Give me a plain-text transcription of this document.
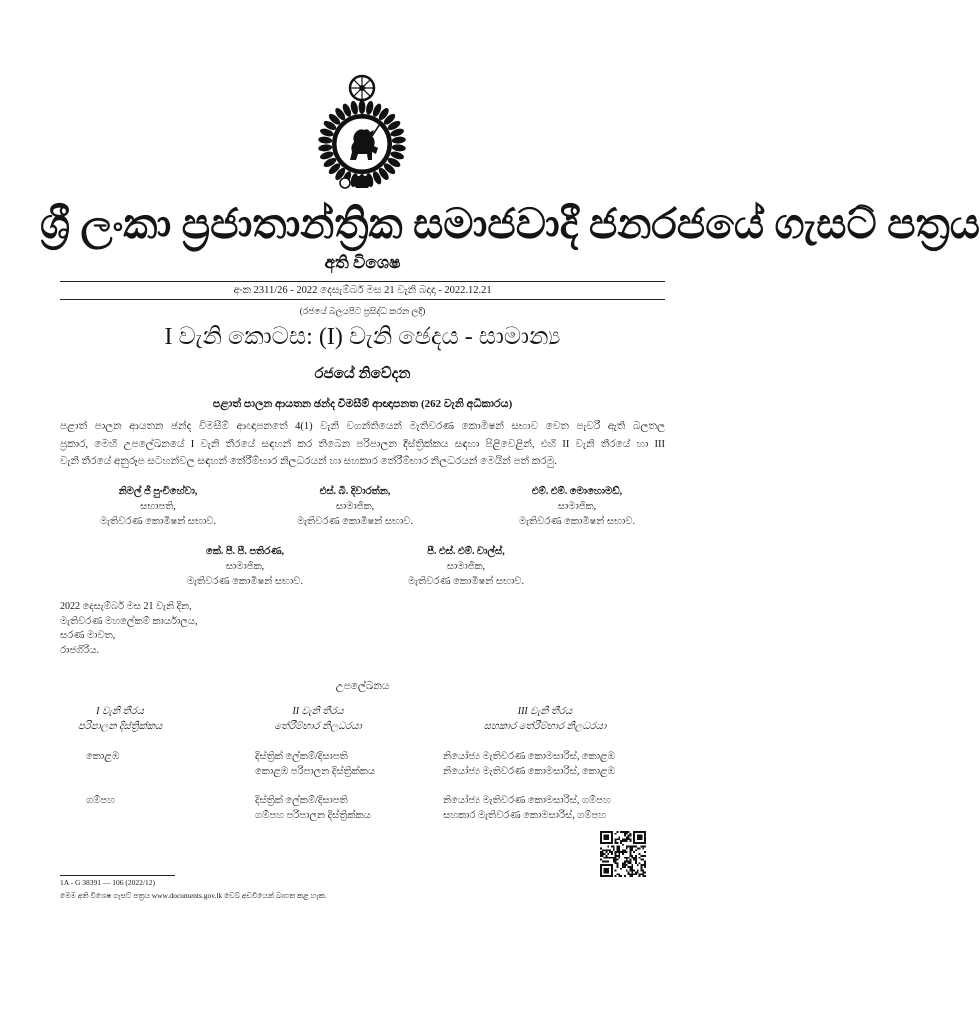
ශ්‍රී ලංකා ප්‍රජාතාන්ත්‍රික සමාජවාදී ජනරජයේ ගැසට් පත්‍රය
අති විශෙෂ
අංක 2311/26 - 2022 දෙසැම්බර් මස 21 වැනි බදාදා - 2022.12.21
(රජයේ බලයපිට ප්‍රසිද්ධ කරන ලදී)
I වැනි කොටස: (I) වැනි ඡෙදය - සාමාන්‍ය
රජයේ නිවේදන
පළාත් පාලන ආයතන ඡන්ද විමසීම් ආඥාපනත (262 වැනි අධිකාරය)
පළාත් පාලන ආයතන ඡන්ද විමසීම් ආඥාපනතේ 4(1) වැනි වගන්තියෙන් මැතිවරණ කොමිෂන් සභාව වෙත පැවරී ඇති බලතල
ප්‍රකාර, මෙහි උපලේඛනයේ I වැනි තීරයේ සඳහන් කර තිබෙන පරිපාලන දිස්ත්‍රික්කය සඳහා පිළිවෙළින්, එහි II වැනි තීරයේ හා III
වැනි තීරයේ අනුරූප සටහන්වල සඳහන් තේරීම්භාර නිලධරයන් හා සහකාර තේරීම්භාර නිලධරයන් මෙයින් පත් කරමු.
නිමල් ජී පුංචිහේවා,
සභාපති,
මැතිවරණ කොමිෂන් සභාව.
එස්. බී. දිවාරත්න,
සාමාජික,
මැතිවරණ කොමිෂන් සභාව.
එම්. එම්. මොහොමඩ්,
සාමාජික,
මැතිවරණ කොමිෂන් සභාව.
කේ. පී. පී. පතිරණ,
සාමාජික,
මැතිවරණ කොමිෂන් සභාව.
පී. එස්. එම්. චාල්ස්,
සාමාජික,
මැතිවරණ කොමිෂන් සභාව.
2022 දෙසැම්බර් මස 21 වැනි දින,
මැතිවරණ මහලේකම් කාර්යාලය,
සරණ මාවත,
රාජගිරිය.
උපලේඛනය
I වැනි තීරය
පරිපාලන දිස්ත්‍රික්කය
II වැනි තීරය
තේරීම්භාර නිලධරයා
III වැනි තීරය
සහකාර තේරීම්භාර නිලධරයා
කොළඹ	දිස්ත්‍රික් ලේකම්/දිසාපති
කොළඹ පරිපාලන දිස්ත්‍රික්කය
නියෝජ්‍ය මැතිවරණ කොමසාරිස්, කොළඹ
නියෝජ්‍ය මැතිවරණ කොමසාරිස්, කොළඹ
ගම්පහ	දිස්ත්‍රික් ලේකම්/දිසාපති
ගම්පහ පරිපාලන දිස්ත්‍රික්කය
නියෝජ්‍ය මැතිවරණ කොමසාරිස්, ගම්පහ
සහකාර මැතිවරණ කොමසාරිස්, ගම්පහ
1A - G 38391 — 106 (2022/12)
මෙම අති විශෙෂ ගැසට් පත්‍රය www.documents.gov.lk වෙබ් අඩවියෙන් බාගත කළ හැක.
